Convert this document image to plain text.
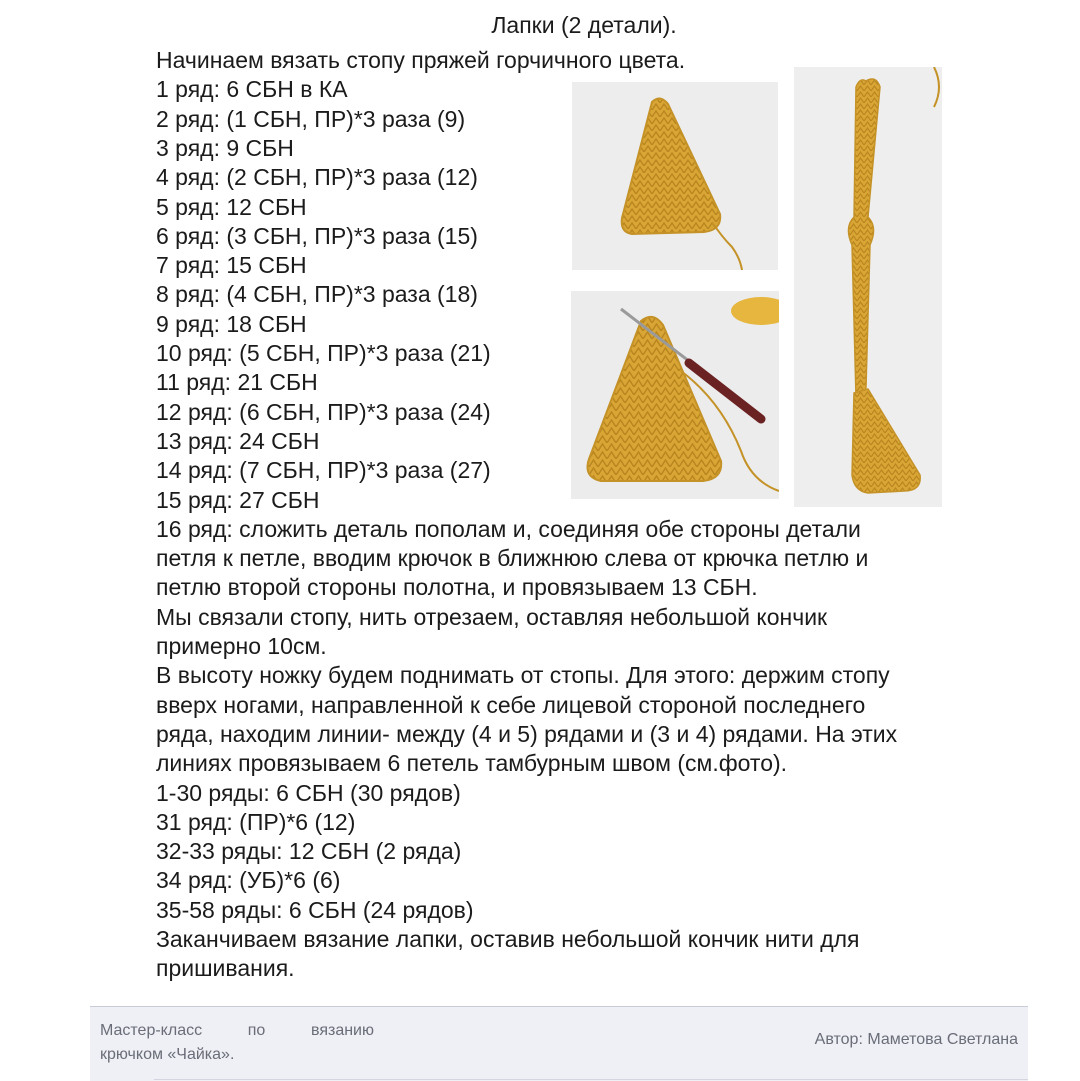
Лапки (2 детали).

Начинаем вязать стопу пряжей горчичного цвета.

1 ряд: 6 СБН в КА

2 ряд: (1 СБН, ПР)*3 раза (9)

3 ряд: 9 СБН

4 ряд: (2 СБН, ПР)*3 раза (12)

5 ряд: 12 СБН

6 ряд: (3 СБН, ПР)*3 раза (15)

7 ряд: 15 СБН

8 ряд: (4 СБН, ПР)*3 раза (18)

9 ряд: 18 СБН

10 ряд: (5 СБН, ПР)*3 раза (21)

11 ряд: 21 СБН

12 ряд: (6 СБН, ПР)*3 раза (24)

13 ряд: 24 СБН

14 ряд: (7 СБН, ПР)*3 раза (27)

15 ряд: 27 СБН

16 ряд: сложить деталь пополам и, соединяя обе стороны детали

петля к петле, вводим крючок в ближнюю слева от крючка петлю и

петлю второй стороны полотна, и провязываем 13 СБН.

Мы связали стопу, нить отрезаем, оставляя небольшой кончик

примерно 10см.

В высоту ножку будем поднимать от стопы. Для этого: держим стопу

вверх ногами, направленной к себе лицевой стороной последнего

ряда, находим линии- между (4 и 5) рядами и (3 и 4) рядами. На этих

линиях провязываем 6 петель тамбурным швом (см.фото).

1-30 ряды: 6 СБН (30 рядов)

31 ряд: (ПР)*6 (12)

32-33 ряды: 12 СБН (2 ряда)

34 ряд: (УБ)*6 (6)

35-58 ряды: 6 СБН (24 рядов)

Заканчиваем вязание лапки, оставив небольшой кончик нити для

пришивания.

Мастер-класс	по	вязанию
крючком «Чайка».
Автор: Маметова Светлана
